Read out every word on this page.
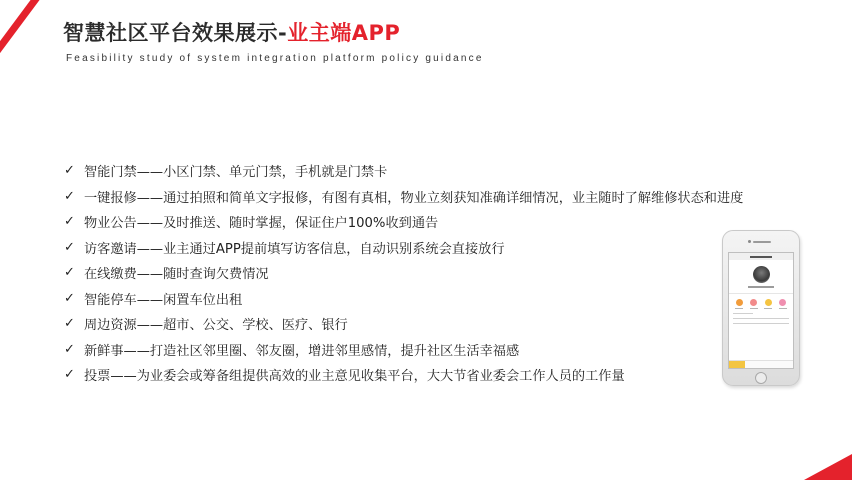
智慧社区平台效果展示-业主端APP
Feasibility study of system integration platform policy guidance
✓ 智能门禁——小区门禁、单元门禁，手机就是门禁卡
✓ 一键报修——通过拍照和简单文字报修，有图有真相，物业立刻获知准确详细情况，业主随时了解维修状态和进度
✓ 物业公告——及时推送、随时掌握，保证住户100%收到通告
✓ 访客邀请——业主通过APP提前填写访客信息，自动识别系统会直接放行
✓ 在线缴费——随时查询欠费情况
✓ 智能停车——闲置车位出租
✓ 周边资源——超市、公交、学校、医疗、银行
✓ 新鲜事——打造社区邻里圈、邻友圈，增进邻里感情，提升社区生活幸福感
✓ 投票——为业委会或筹备组提供高效的业主意见收集平台，大大节省业委会工作人员的工作量
